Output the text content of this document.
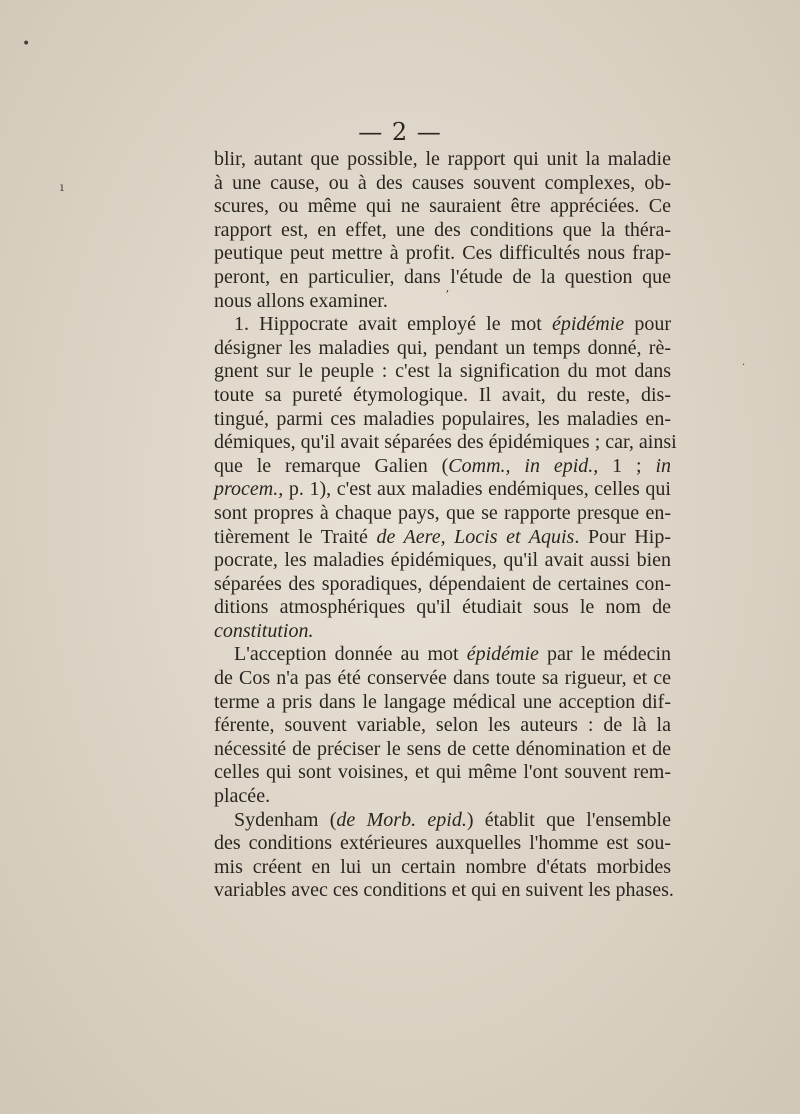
— 2 —
blir, autant que possible, le rapport qui unit la maladie
à une cause, ou à des causes souvent complexes, ob-
scures, ou même qui ne sauraient être appréciées. Ce
rapport est, en effet, une des conditions que la théra-
peutique peut mettre à profit. Ces difficultés nous frap-
peront, en particulier, dans l'étude de la question que
nous allons examiner.
1. Hippocrate avait employé le mot épidémie pour
désigner les maladies qui, pendant un temps donné, rè-
gnent sur le peuple : c'est la signification du mot dans
toute sa pureté étymologique. Il avait, du reste, dis-
tingué, parmi ces maladies populaires, les maladies en-
démiques, qu'il avait séparées des épidémiques ; car, ainsi
que le remarque Galien (Comm., in epid., 1 ; in
procem., p. 1), c'est aux maladies endémiques, celles qui
sont propres à chaque pays, que se rapporte presque en-
tièrement le Traité de Aere, Locis et Aquis. Pour Hip-
pocrate, les maladies épidémiques, qu'il avait aussi bien
séparées des sporadiques, dépendaient de certaines con-
ditions atmosphériques qu'il étudiait sous le nom de
constitution.
L'acception donnée au mot épidémie par le médecin
de Cos n'a pas été conservée dans toute sa rigueur, et ce
terme a pris dans le langage médical une acception dif-
férente, souvent variable, selon les auteurs : de là la
nécessité de préciser le sens de cette dénomination et de
celles qui sont voisines, et qui même l'ont souvent rem-
placée.
Sydenham (de Morb. epid.) établit que l'ensemble
des conditions extérieures auxquelles l'homme est sou-
mis créent en lui un certain nombre d'états morbides
variables avec ces conditions et qui en suivent les phases.
•
ı
ʼ
·
